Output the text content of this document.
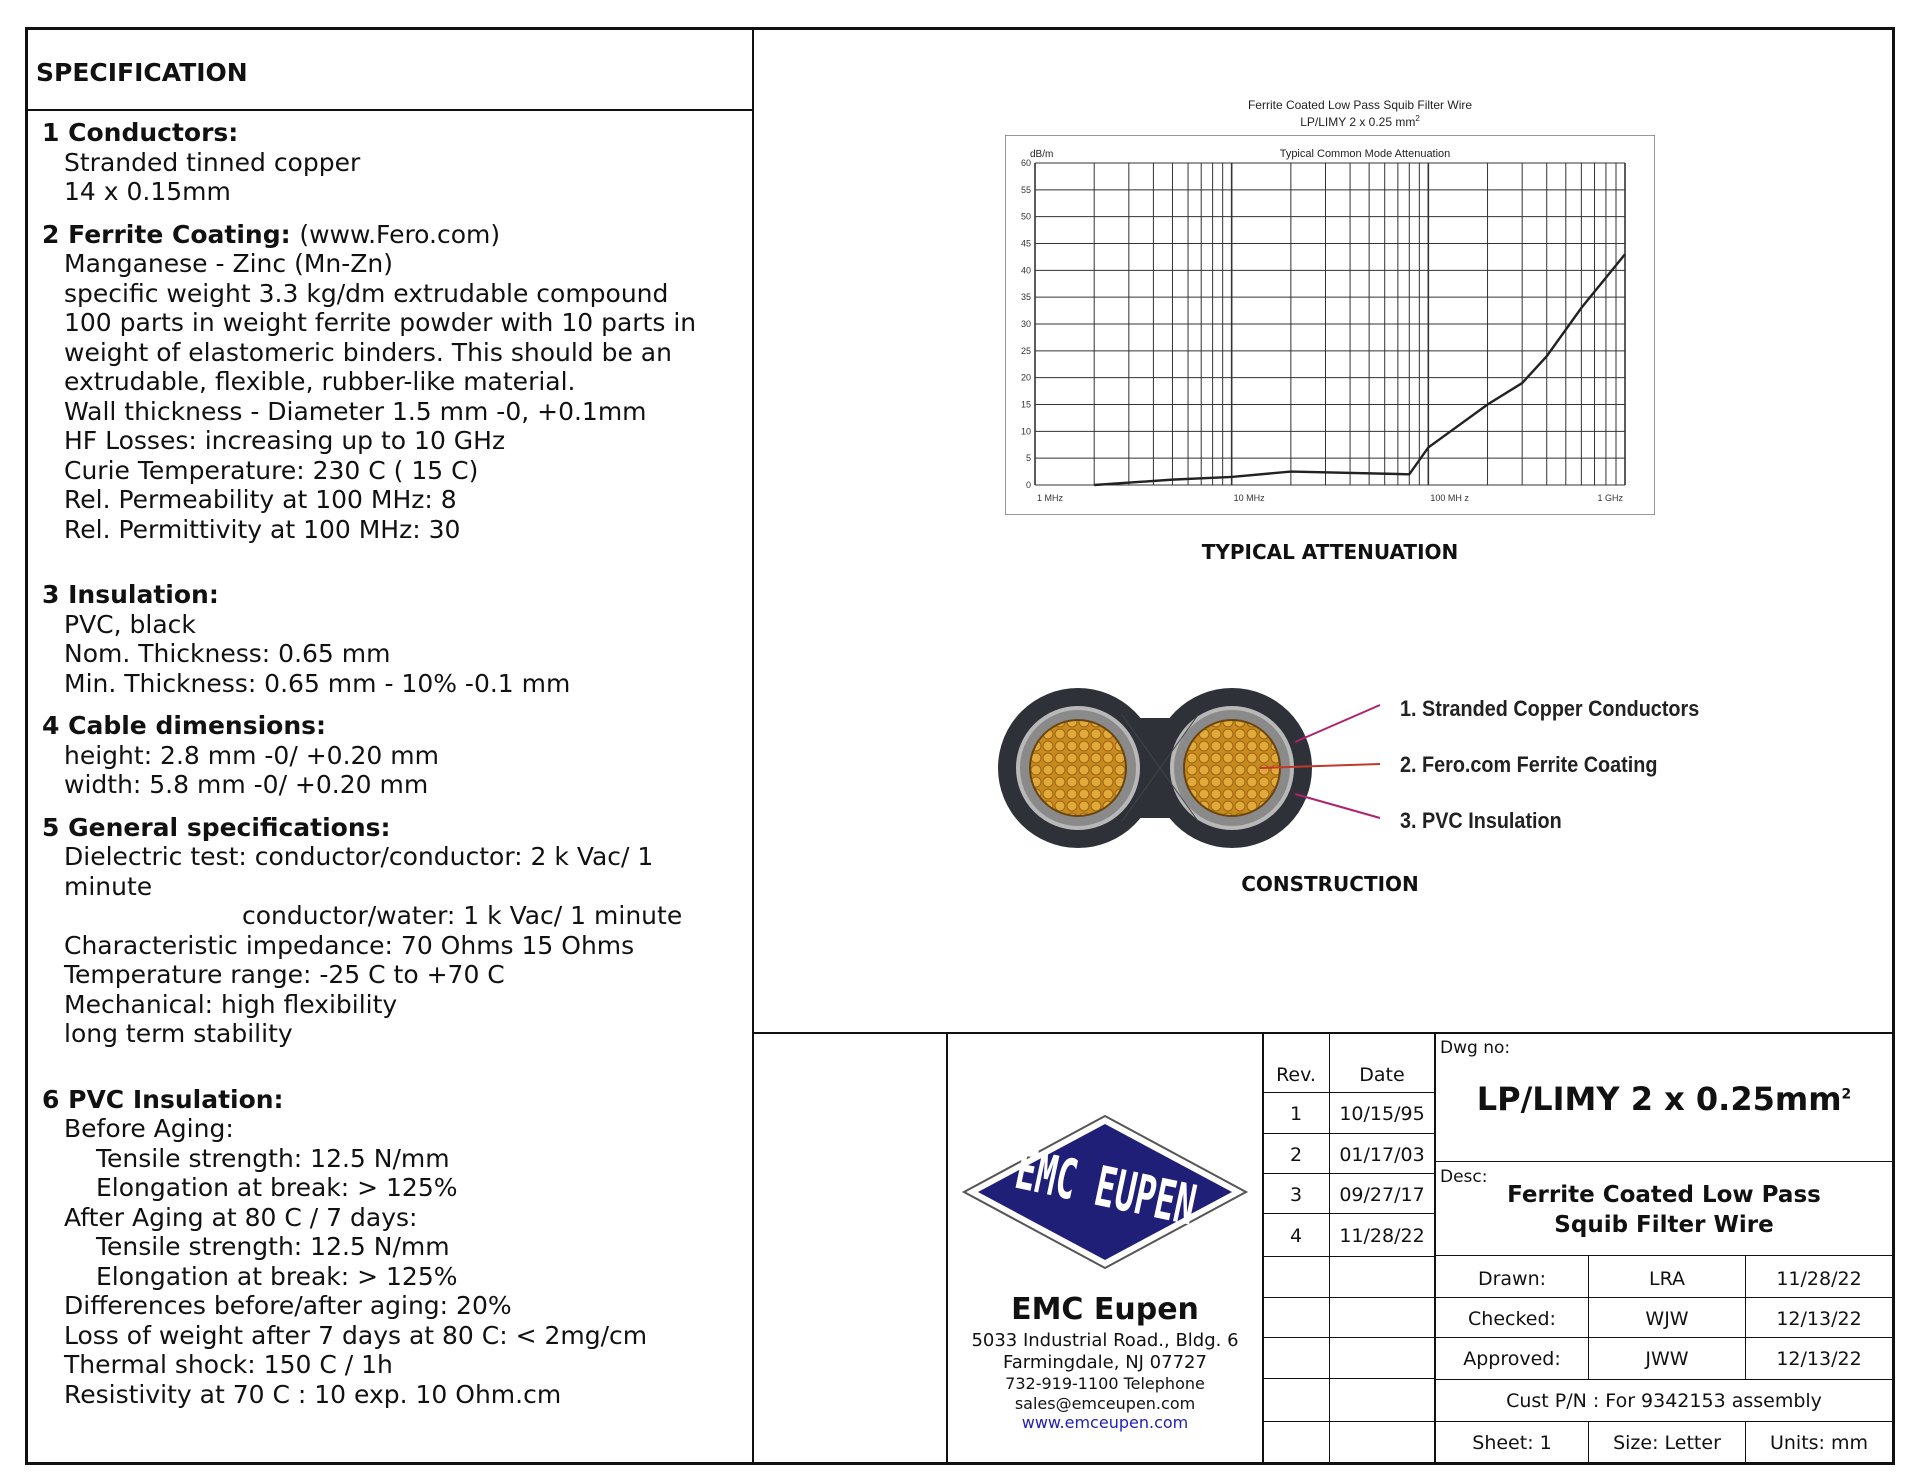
SPECIFICATION
1 Conductors:
Stranded tinned copper
14 x 0.15mm
2 Ferrite Coating: (www.Fero.com)
Manganese - Zinc (Mn-Zn)
specific weight 3.3 kg/dm extrudable compound
100 parts in weight ferrite powder with 10 parts in
weight of elastomeric binders. This should be an
extrudable, flexible, rubber-like material.
Wall thickness - Diameter 1.5 mm -0, +0.1mm
HF Losses: increasing up to 10 GHz
Curie Temperature: 230 C ( 15 C)
Rel. Permeability at 100 MHz: 8
Rel. Permittivity at 100 MHz: 30
3 Insulation:
PVC, black
Nom. Thickness: 0.65 mm
Min. Thickness: 0.65 mm - 10% -0.1 mm
4 Cable dimensions:
height: 2.8 mm -0/ +0.20 mm
width: 5.8 mm -0/ +0.20 mm
5 General specifications:
Dielectric test: conductor/conductor: 2 k Vac/ 1 minute
conductor/water: 1 k Vac/ 1 minute
Characteristic impedance: 70 Ohms 15 Ohms
Temperature range: -25 C to +70 C
Mechanical: high flexibility
long term stability
6 PVC Insulation:
Before Aging:
Tensile strength: 12.5 N/mm
Elongation at break: > 125%
After Aging at 80 C / 7 days:
Tensile strength: 12.5 N/mm
Elongation at break: > 125%
Differences before/after aging: 20%
Loss of weight after 7 days at 80 C: < 2mg/cm
Thermal shock: 150 C / 1h
Resistivity at 70 C : 10 exp. 10 Ohm.cm
Ferrite Coated Low Pass Squib Filter Wire
LP/LIMY 2 x 0.25 $mm^2$
Typical Common Mode Attenuation
dB/m
0
5
10
15
20
25
30
35
40
45
50
55
60
1 MHz	10 MHz	100 MH z	1 GHz
TYPICAL ATTENUATION
1. Stranded Copper Conductors
2. Fero.com Ferrite Coating
3. PVC Insulation
CONSTRUCTION
EMC EUPEN
EMC Eupen
5033 Industrial Road., Bldg. 6
Farmingdale, NJ 07727
732-919-1100 Telephone
sales@emceupen.com
www.emceupen.com
Rev.	Date
1	10/15/95
2	01/17/03
3	09/27/17
4	11/28/22
Dwg no:
LP/LIMY 2 x $0.25mm^2$
Desc:
Ferrite Coated Low Pass
Squib Filter Wire
Drawn:	LRA	11/28/22
Checked:	WJW	12/13/22
Approved:	JWW	12/13/22
Cust P/N : For 9342153 assembly
Sheet: 1	Size: Letter	Units: mm
